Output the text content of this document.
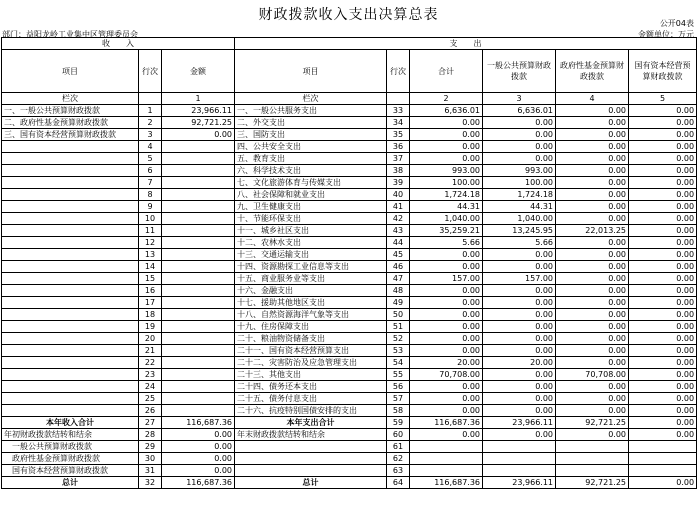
财政拨款收入支出决算总表
公开04表
部门：益阳龙岭工业集中区管理委员会	金额单位：万元
收　　入			支　　出					
项目	行次	金额	项目	行次	合计	一般公共预算财政拨款	政府性基金预算财政拨款	国有资本经营预算财政拨款
栏次		1	栏次		2	3	4	5
一、一般公共预算财政拨款	1	23,966.11	一、一般公共服务支出	33	6,636.01	6,636.01	0.00	0.00
二、政府性基金预算财政拨款	2	92,721.25	二、外交支出	34	0.00	0.00	0.00	0.00
三、国有资本经营预算财政拨款	3	0.00	三、国防支出	35	0.00	0.00	0.00	0.00
	4		四、公共安全支出	36	0.00	0.00	0.00	0.00
	5		五、教育支出	37	0.00	0.00	0.00	0.00
	6		六、科学技术支出	38	993.00	993.00	0.00	0.00
	7		七、文化旅游体育与传媒支出	39	100.00	100.00	0.00	0.00
	8		八、社会保障和就业支出	40	1,724.18	1,724.18	0.00	0.00
	9		九、卫生健康支出	41	44.31	44.31	0.00	0.00
	10		十、节能环保支出	42	1,040.00	1,040.00	0.00	0.00
	11		十一、城乡社区支出	43	35,259.21	13,245.95	22,013.25	0.00
	12		十二、农林水支出	44	5.66	5.66	0.00	0.00
	13		十三、交通运输支出	45	0.00	0.00	0.00	0.00
	14		十四、资源勘探工业信息等支出	46	0.00	0.00	0.00	0.00
	15		十五、商业服务业等支出	47	157.00	157.00	0.00	0.00
	16		十六、金融支出	48	0.00	0.00	0.00	0.00
	17		十七、援助其他地区支出	49	0.00	0.00	0.00	0.00
	18		十八、自然资源海洋气象等支出	50	0.00	0.00	0.00	0.00
	19		十九、住房保障支出	51	0.00	0.00	0.00	0.00
	20		二十、粮油物资储备支出	52	0.00	0.00	0.00	0.00
	21		二十一、国有资本经营预算支出	53	0.00	0.00	0.00	0.00
	22		二十二、灾害防治及应急管理支出	54	20.00	20.00	0.00	0.00
	23		二十三、其他支出	55	70,708.00	0.00	70,708.00	0.00
	24		二十四、债务还本支出	56	0.00	0.00	0.00	0.00
	25		二十五、债务付息支出	57	0.00	0.00	0.00	0.00
	26		二十六、抗疫特别国债安排的支出	58	0.00	0.00	0.00	0.00
本年收入合计	27	116,687.36	本年支出合计	59	116,687.36	23,966.11	92,721.25	0.00
年初财政拨款结转和结余	28	0.00	年末财政拨款结转和结余	60	0.00	0.00	0.00	0.00
一般公共预算财政拨款	29	0.00		61				
政府性基金预算财政拨款	30	0.00		62				
国有资本经营预算财政拨款	31	0.00		63				
总计	32	116,687.36	总计	64	116,687.36	23,966.11	92,721.25	0.00
